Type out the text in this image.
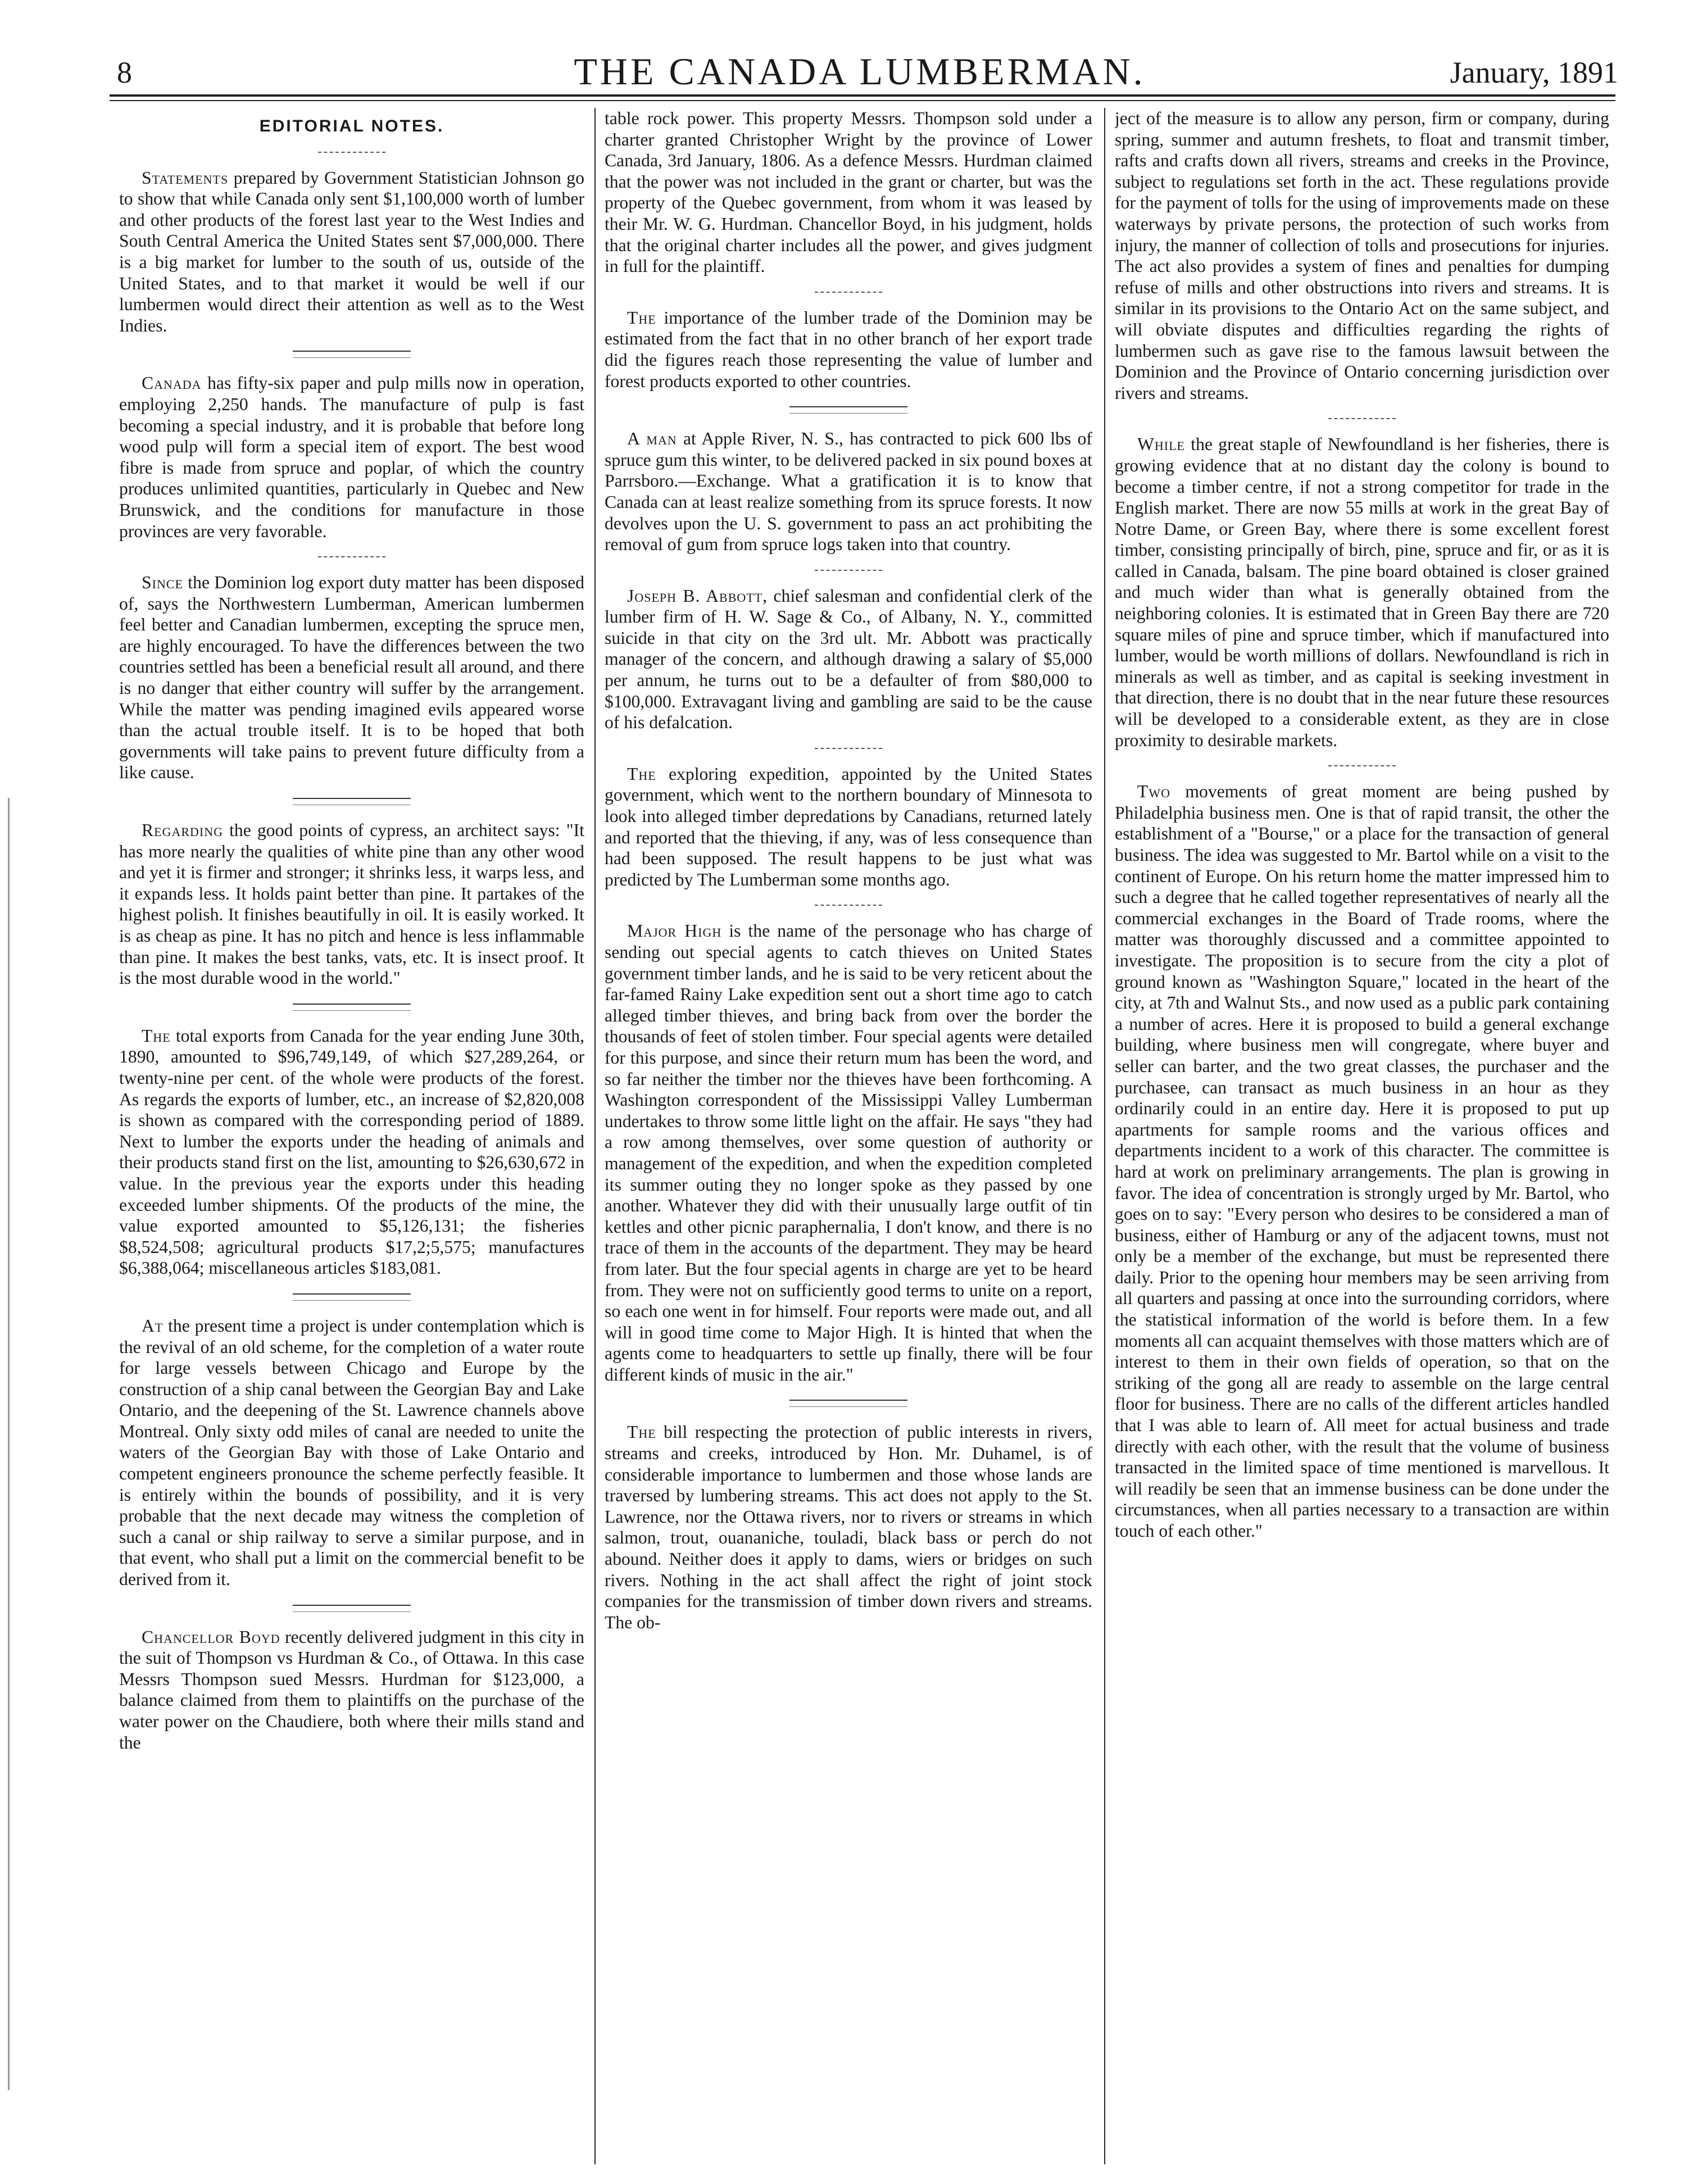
8	THE CANADA LUMBERMAN.	January, 1891
EDITORIAL NOTES.

Statements prepared by Government Statistician Johnson go to show that while Canada only sent $1,100,000 worth of lumber and other products of the forest last year to the West Indies and South Central America the United States sent $7,000,000. There is a big market for lumber to the south of us, outside of the United States, and to that market it would be well if our lumbermen would direct their attention as well as to the West Indies.

Canada has fifty-six paper and pulp mills now in operation, employing 2,250 hands. The manufacture of pulp is fast becoming a special industry, and it is probable that before long wood pulp will form a special item of export. The best wood fibre is made from spruce and poplar, of which the country produces unlimited quantities, particularly in Quebec and New Brunswick, and the conditions for manufacture in those provinces are very favorable.

Since the Dominion log export duty matter has been disposed of, says the Northwestern Lumberman, American lumbermen feel better and Canadian lumbermen, excepting the spruce men, are highly encouraged. To have the differences between the two countries settled has been a beneficial result all around, and there is no danger that either country will suffer by the arrangement. While the matter was pending imagined evils appeared worse than the actual trouble itself. It is to be hoped that both governments will take pains to prevent future difficulty from a like cause.

Regarding the good points of cypress, an architect says: "It has more nearly the qualities of white pine than any other wood and yet it is firmer and stronger; it shrinks less, it warps less, and it expands less. It holds paint better than pine. It partakes of the highest polish. It finishes beautifully in oil. It is easily worked. It is as cheap as pine. It has no pitch and hence is less inflammable than pine. It makes the best tanks, vats, etc. It is insect proof. It is the most durable wood in the world."

The total exports from Canada for the year ending June 30th, 1890, amounted to $96,749,149, of which $27,289,264, or twenty-nine per cent. of the whole were products of the forest. As regards the exports of lumber, etc., an increase of $2,820,008 is shown as compared with the corresponding period of 1889. Next to lumber the exports under the heading of animals and their products stand first on the list, amounting to $26,630,672 in value. In the previous year the exports under this heading exceeded lumber shipments. Of the products of the mine, the value exported amounted to $5,126,131; the fisheries $8,524,508; agricultural products $17,2;5,575; manufactures $6,388,064; miscellaneous articles $183,081.

At the present time a project is under contemplation which is the revival of an old scheme, for the completion of a water route for large vessels between Chicago and Europe by the construction of a ship canal between the Georgian Bay and Lake Ontario, and the deepening of the St. Lawrence channels above Montreal. Only sixty odd miles of canal are needed to unite the waters of the Georgian Bay with those of Lake Ontario and competent engineers pronounce the scheme perfectly feasible. It is entirely within the bounds of possibility, and it is very probable that the next decade may witness the completion of such a canal or ship railway to serve a similar purpose, and in that event, who shall put a limit on the commercial benefit to be derived from it.

Chancellor Boyd recently delivered judgment in this city in the suit of Thompson vs Hurdman & Co., of Ottawa. In this case Messrs Thompson sued Messrs. Hurdman for $123,000, a balance claimed from them to plaintiffs on the purchase of the water power on the Chaudiere, both where their mills stand and the

table rock power. This property Messrs. Thompson sold under a charter granted Christopher Wright by the province of Lower Canada, 3rd January, 1806. As a defence Messrs. Hurdman claimed that the power was not included in the grant or charter, but was the property of the Quebec government, from whom it was leased by their Mr. W. G. Hurdman. Chancellor Boyd, in his judgment, holds that the original charter includes all the power, and gives judgment in full for the plaintiff.

The importance of the lumber trade of the Dominion may be estimated from the fact that in no other branch of her export trade did the figures reach those representing the value of lumber and forest products exported to other countries.

A man at Apple River, N. S., has contracted to pick 600 lbs of spruce gum this winter, to be delivered packed in six pound boxes at Parrsboro.—Exchange. What a gratification it is to know that Canada can at least realize something from its spruce forests. It now devolves upon the U. S. government to pass an act prohibiting the removal of gum from spruce logs taken into that country.

Joseph B. Abbott, chief salesman and confidential clerk of the lumber firm of H. W. Sage & Co., of Albany, N. Y., committed suicide in that city on the 3rd ult. Mr. Abbott was practically manager of the concern, and although drawing a salary of $5,000 per annum, he turns out to be a defaulter of from $80,000 to $100,000. Extravagant living and gambling are said to be the cause of his defalcation.

The exploring expedition, appointed by the United States government, which went to the northern boundary of Minnesota to look into alleged timber depredations by Canadians, returned lately and reported that the thieving, if any, was of less consequence than had been supposed. The result happens to be just what was predicted by The Lumberman some months ago.

Major High is the name of the personage who has charge of sending out special agents to catch thieves on United States government timber lands, and he is said to be very reticent about the far-famed Rainy Lake expedition sent out a short time ago to catch alleged timber thieves, and bring back from over the border the thousands of feet of stolen timber. Four special agents were detailed for this purpose, and since their return mum has been the word, and so far neither the timber nor the thieves have been forthcoming. A Washington correspondent of the Mississippi Valley Lumberman undertakes to throw some little light on the affair. He says "they had a row among themselves, over some question of authority or management of the expedition, and when the expedition completed its summer outing they no longer spoke as they passed by one another. Whatever they did with their unusually large outfit of tin kettles and other picnic paraphernalia, I don't know, and there is no trace of them in the accounts of the department. They may be heard from later. But the four special agents in charge are yet to be heard from. They were not on sufficiently good terms to unite on a report, so each one went in for himself. Four reports were made out, and all will in good time come to Major High. It is hinted that when the agents come to headquarters to settle up finally, there will be four different kinds of music in the air."

The bill respecting the protection of public interests in rivers, streams and creeks, introduced by Hon. Mr. Duhamel, is of considerable importance to lumbermen and those whose lands are traversed by lumbering streams. This act does not apply to the St. Lawrence, nor the Ottawa rivers, nor to rivers or streams in which salmon, trout, ouananiche, touladi, black bass or perch do not abound. Neither does it apply to dams, wiers or bridges on such rivers. Nothing in the act shall affect the right of joint stock companies for the transmission of timber down rivers and streams. The ob-

ject of the measure is to allow any person, firm or company, during spring, summer and autumn freshets, to float and transmit timber, rafts and crafts down all rivers, streams and creeks in the Province, subject to regulations set forth in the act. These regulations provide for the payment of tolls for the using of improvements made on these waterways by private persons, the protection of such works from injury, the manner of collection of tolls and prosecutions for injuries. The act also provides a system of fines and penalties for dumping refuse of mills and other obstructions into rivers and streams. It is similar in its provisions to the Ontario Act on the same subject, and will obviate disputes and difficulties regarding the rights of lumbermen such as gave rise to the famous lawsuit between the Dominion and the Province of Ontario concerning jurisdiction over rivers and streams.

While the great staple of Newfoundland is her fisheries, there is growing evidence that at no distant day the colony is bound to become a timber centre, if not a strong competitor for trade in the English market. There are now 55 mills at work in the great Bay of Notre Dame, or Green Bay, where there is some excellent forest timber, consisting principally of birch, pine, spruce and fir, or as it is called in Canada, balsam. The pine board obtained is closer grained and much wider than what is generally obtained from the neighboring colonies. It is estimated that in Green Bay there are 720 square miles of pine and spruce timber, which if manufactured into lumber, would be worth millions of dollars. Newfoundland is rich in minerals as well as timber, and as capital is seeking investment in that direction, there is no doubt that in the near future these resources will be developed to a considerable extent, as they are in close proximity to desirable markets.

Two movements of great moment are being pushed by Philadelphia business men. One is that of rapid transit, the other the establishment of a "Bourse," or a place for the transaction of general business. The idea was suggested to Mr. Bartol while on a visit to the continent of Europe. On his return home the matter impressed him to such a degree that he called together representatives of nearly all the commercial exchanges in the Board of Trade rooms, where the matter was thoroughly discussed and a committee appointed to investigate. The proposition is to secure from the city a plot of ground known as "Washington Square," located in the heart of the city, at 7th and Walnut Sts., and now used as a public park containing a number of acres. Here it is proposed to build a general exchange building, where business men will congregate, where buyer and seller can barter, and the two great classes, the purchaser and the purchasee, can transact as much business in an hour as they ordinarily could in an entire day. Here it is proposed to put up apartments for sample rooms and the various offices and departments incident to a work of this character. The committee is hard at work on preliminary arrangements. The plan is growing in favor. The idea of concentration is strongly urged by Mr. Bartol, who goes on to say: "Every person who desires to be considered a man of business, either of Hamburg or any of the adjacent towns, must not only be a member of the exchange, but must be represented there daily. Prior to the opening hour members may be seen arriving from all quarters and passing at once into the surrounding corridors, where the statistical information of the world is before them. In a few moments all can acquaint themselves with those matters which are of interest to them in their own fields of operation, so that on the striking of the gong all are ready to assemble on the large central floor for business. There are no calls of the different articles handled that I was able to learn of. All meet for actual business and trade directly with each other, with the result that the volume of business transacted in the limited space of time mentioned is marvellous. It will readily be seen that an immense business can be done under the circumstances, when all parties necessary to a transaction are within touch of each other."
